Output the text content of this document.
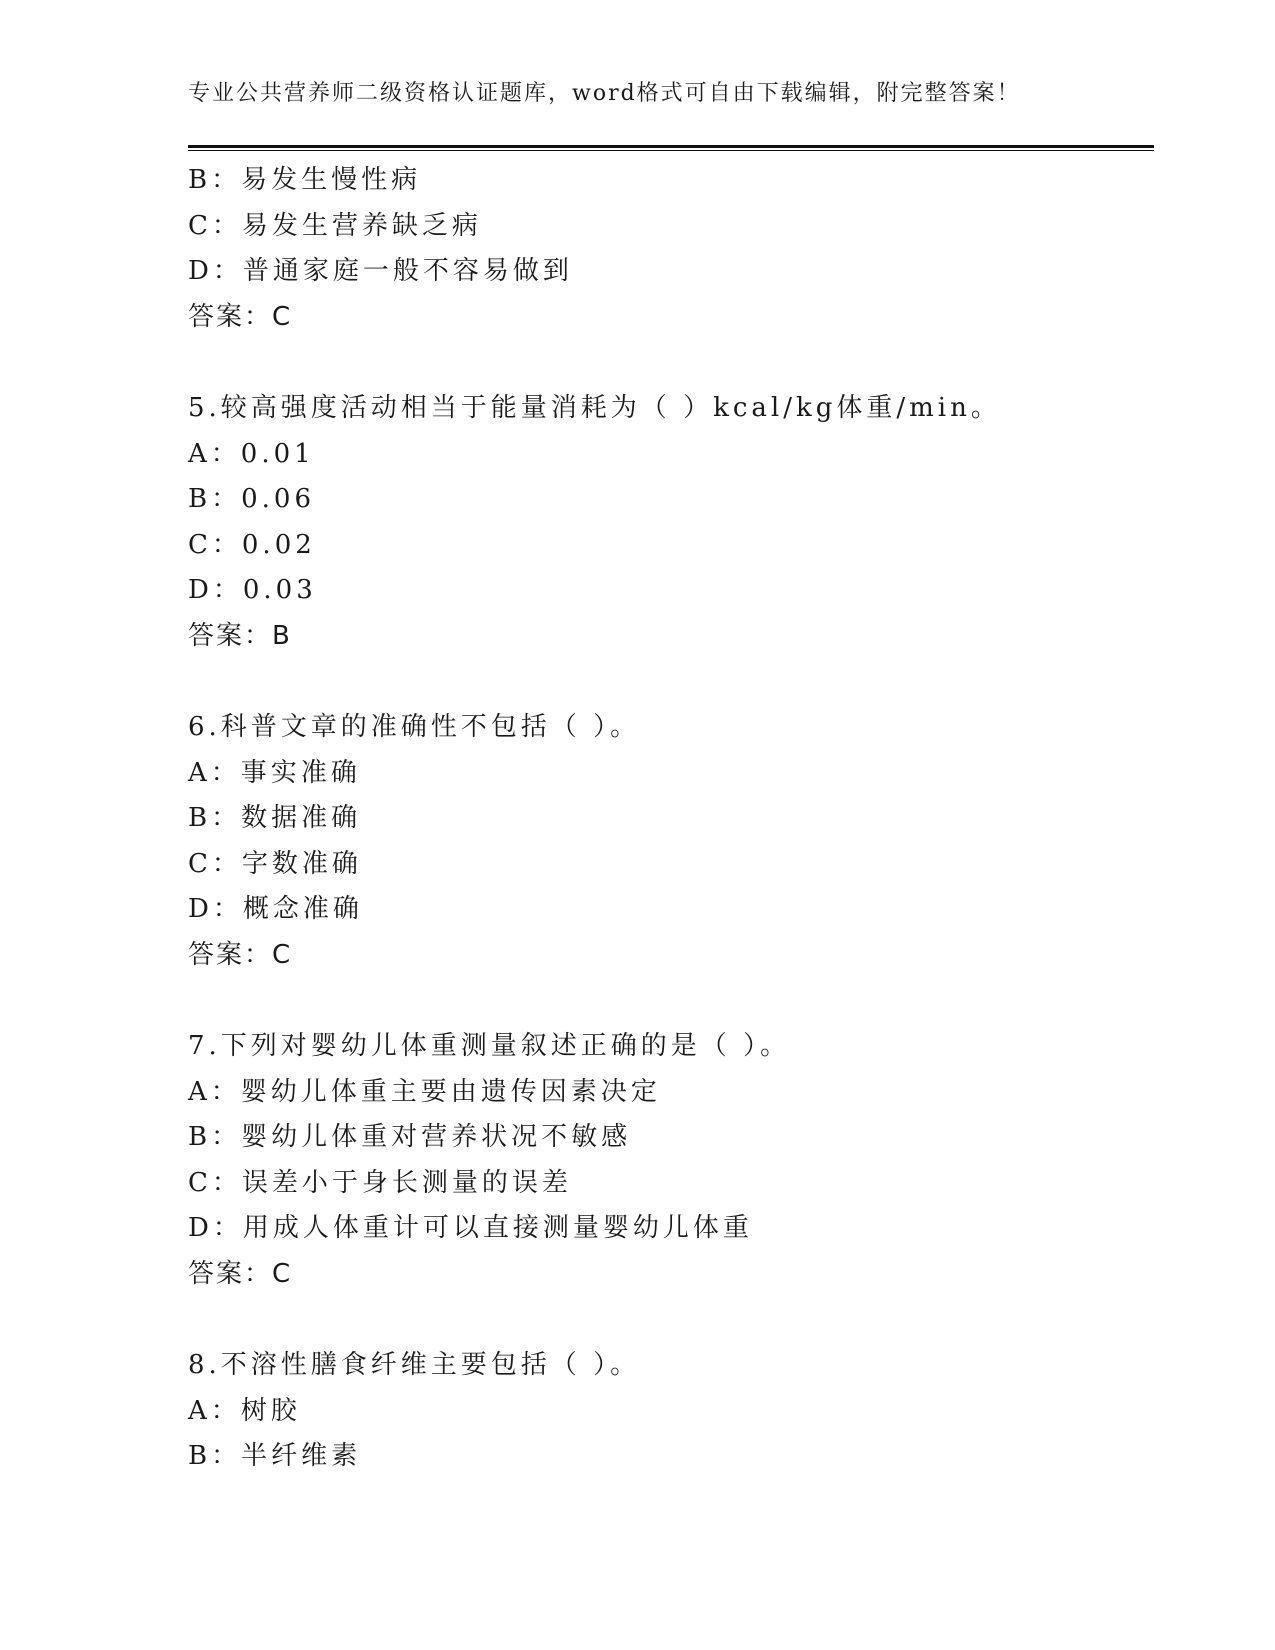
专业公共营养师二级资格认证题库，word格式可自由下载编辑，附完整答案！
B：易发生慢性病
C：易发生营养缺乏病
D：普通家庭一般不容易做到
答案：C
5.较高强度活动相当于能量消耗为（ ）kcal/kg体重/min。
A：0.01
B：0.06
C：0.02
D：0.03
答案：B
6.科普文章的准确性不包括（ ）。
A：事实准确
B：数据准确
C：字数准确
D：概念准确
答案：C
7.下列对婴幼儿体重测量叙述正确的是（ ）。
A：婴幼儿体重主要由遗传因素决定
B：婴幼儿体重对营养状况不敏感
C：误差小于身长测量的误差
D：用成人体重计可以直接测量婴幼儿体重
答案：C
8.不溶性膳食纤维主要包括（ ）。
A：树胶
B：半纤维素
